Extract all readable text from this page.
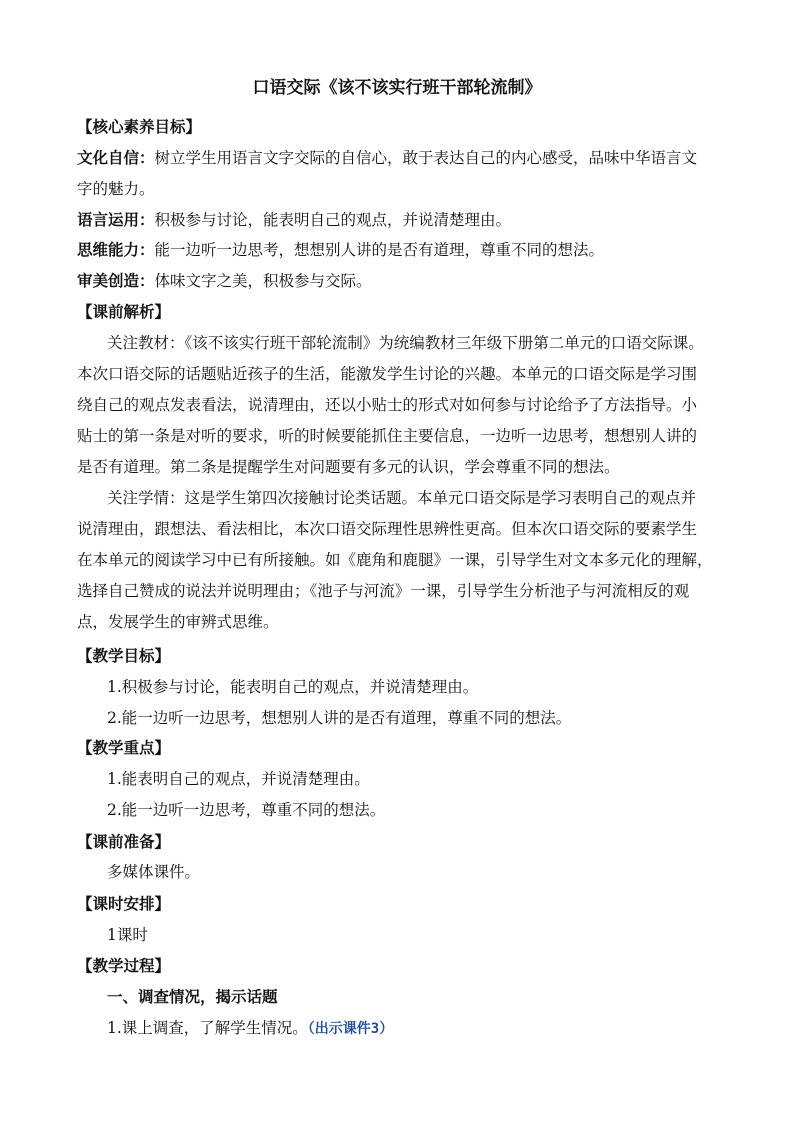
口语交际《该不该实行班干部轮流制》

【核心素养目标】

文化自信：树立学生用语言文字交际的自信心，敢于表达自己的内心感受，品味中华语言文

字的魅力。

语言运用：积极参与讨论，能表明自己的观点，并说清楚理由。

思维能力：能一边听一边思考，想想别人讲的是否有道理，尊重不同的想法。

审美创造：体味文字之美，积极参与交际。

【课前解析】

关注教材：《该不该实行班干部轮流制》为统编教材三年级下册第二单元的口语交际课。

本次口语交际的话题贴近孩子的生活，能激发学生讨论的兴趣。本单元的口语交际是学习围

绕自己的观点发表看法，说清理由，还以小贴士的形式对如何参与讨论给予了方法指导。小

贴士的第一条是对听的要求，听的时候要能抓住主要信息，一边听一边思考，想想别人讲的

是否有道理。第二条是提醒学生对问题要有多元的认识，学会尊重不同的想法。

关注学情：这是学生第四次接触讨论类话题。本单元口语交际是学习表明自己的观点并

说清理由，跟想法、看法相比，本次口语交际理性思辨性更高。但本次口语交际的要素学生

在本单元的阅读学习中已有所接触。如《鹿角和鹿腿》一课，引导学生对文本多元化的理解，

选择自己赞成的说法并说明理由；《池子与河流》一课，引导学生分析池子与河流相反的观

点，发展学生的审辨式思维。

【教学目标】

1.积极参与讨论，能表明自己的观点，并说清楚理由。

2.能一边听一边思考，想想别人讲的是否有道理，尊重不同的想法。

【教学重点】

1.能表明自己的观点，并说清楚理由。

2.能一边听一边思考，尊重不同的想法。

【课前准备】

多媒体课件。

【课时安排】

1课时

【教学过程】

一、调查情况，揭示话题

1.课上调查，了解学生情况。（出示课件3）
